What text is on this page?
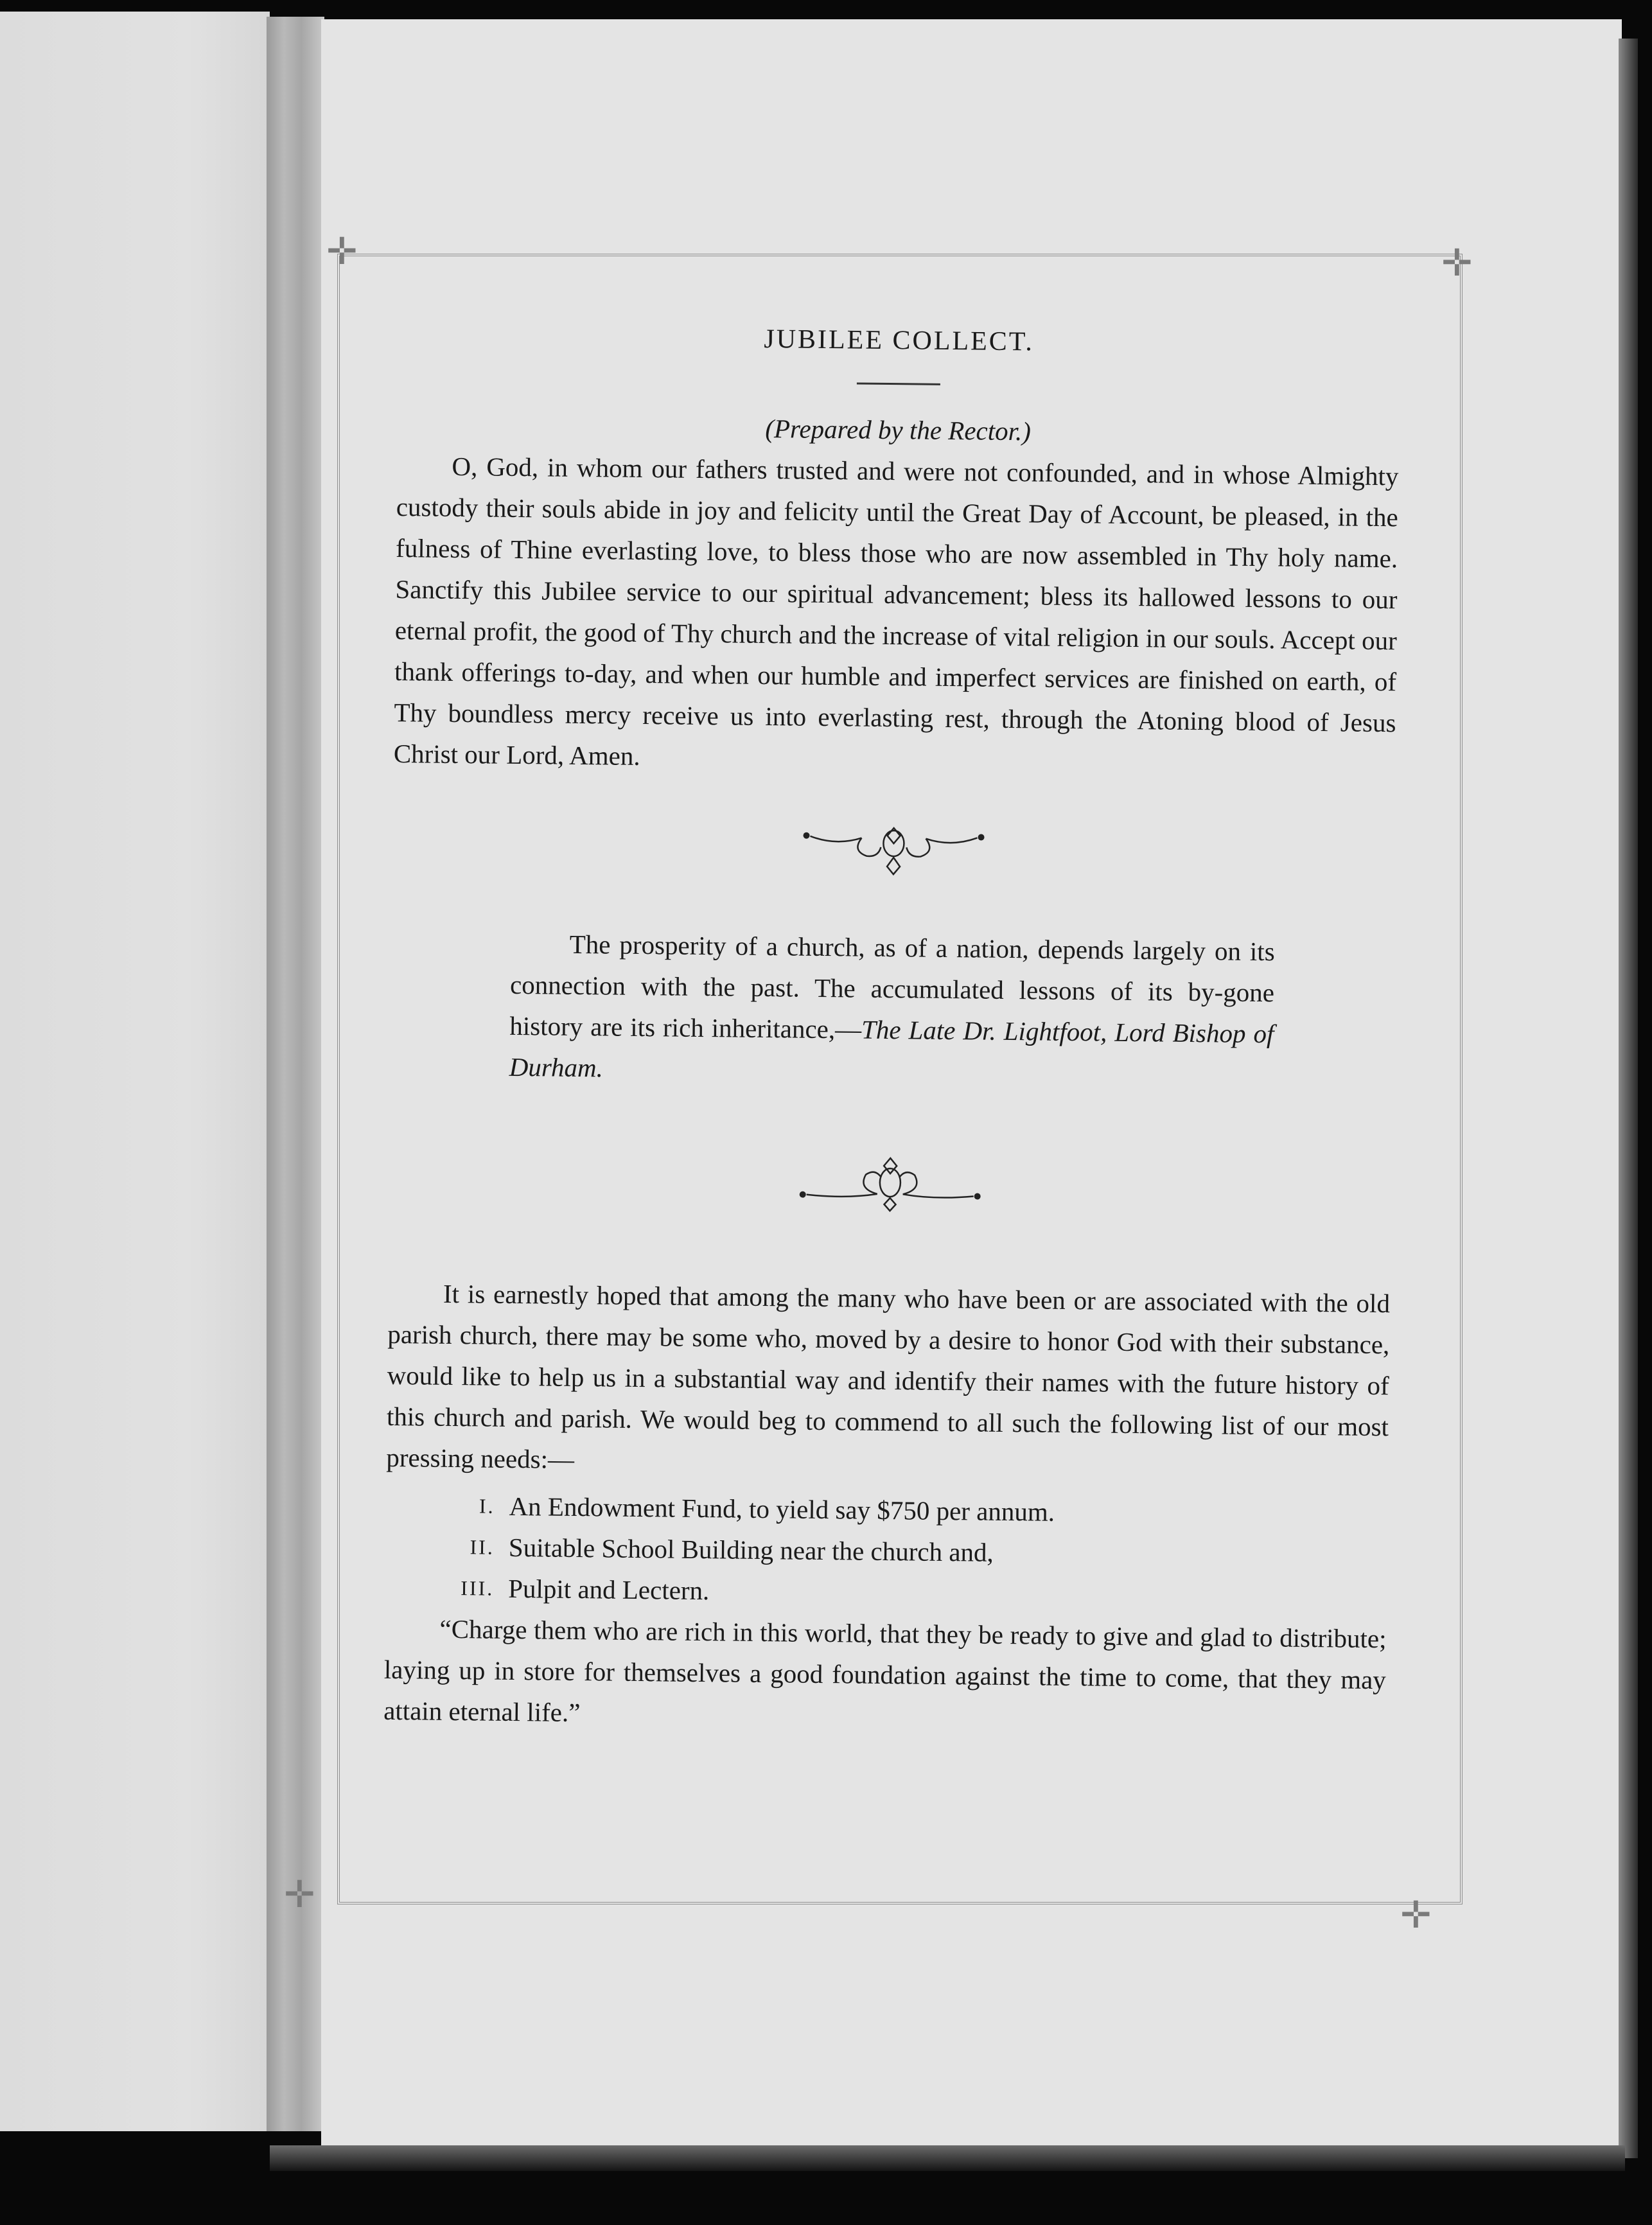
✛	✛
✛	✛

JUBILEE COLLECT.

(Prepared by the Rector.)

O, God, in whom our fathers trusted and were not confounded, and in whose Almighty custody their souls abide in joy and felicity until the Great Day of Account, be pleased, in the fulness of Thine everlasting love, to bless those who are now assembled in Thy holy name. Sanctify this Jubilee service to our spiritual advancement; bless its hallowed lessons to our eternal profit, the good of Thy church and the increase of vital religion in our souls. Accept our thank offerings to-day, and when our humble and imperfect services are finished on earth, of Thy boundless mercy receive us into everlasting rest, through the Atoning blood of Jesus Christ our Lord, Amen.

The prosperity of a church, as of a nation, depends largely on its connection with the past. The accumulated lessons of its by-gone history are its rich inheritance,—The Late Dr. Lightfoot, Lord Bishop of Durham.

It is earnestly hoped that among the many who have been or are associated with the old parish church, there may be some who, moved by a desire to honor God with their substance, would like to help us in a substantial way and identify their names with the future history of this church and parish. We would beg to commend to all such the following list of our most pressing needs:—

I. An Endowment Fund, to yield say $750 per annum.
II. Suitable School Building near the church and,
III. Pulpit and Lectern.

“Charge them who are rich in this world, that they be ready to give and glad to distribute; laying up in store for themselves a good foundation against the time to come, that they may attain eternal life.”
